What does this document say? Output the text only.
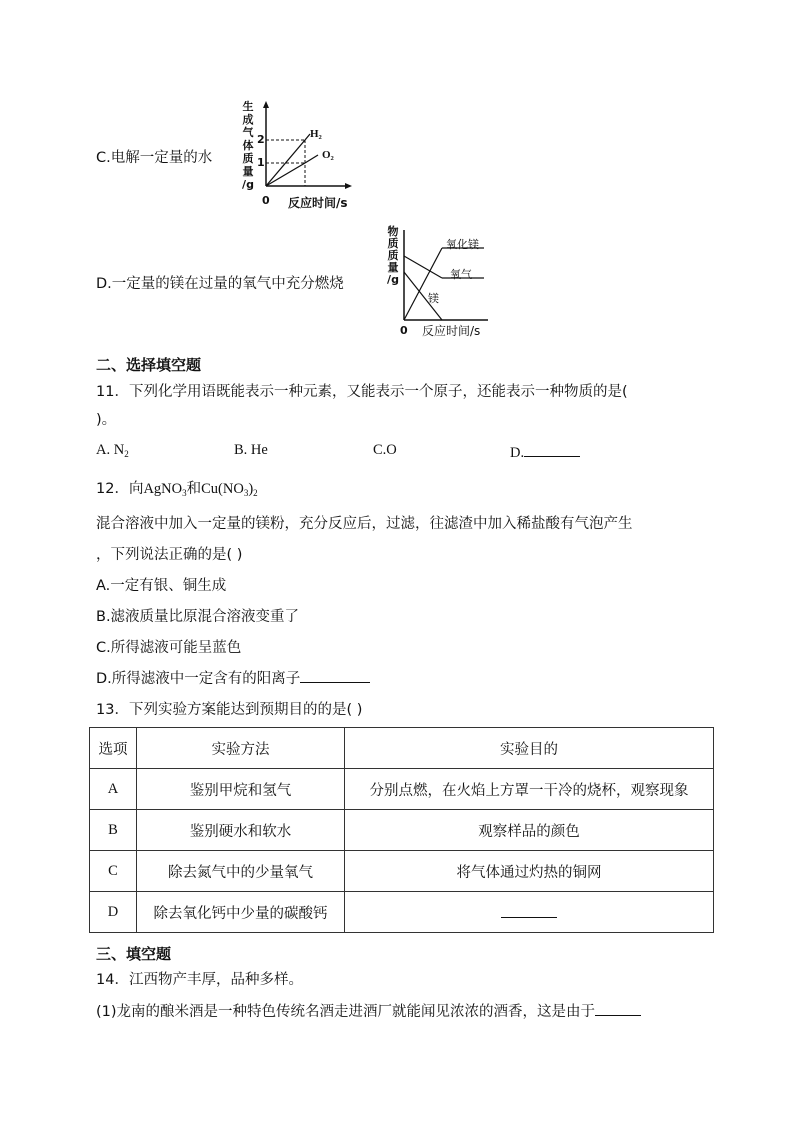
C.电解一定量的水
生
成
气
体
质
量
/g
2
1
0 反应时间/s
H₂
O₂
D.一定量的镁在过量的氧气中充分燃烧
物
质
质
量
/g
0 反应时间/s
氧化镁
氧气
镁
二、选择填空题
11．下列化学用语既能表示一种元素，又能表示一个原子，还能表示一种物质的是(
)。
A. $N_2$	B. He	C.O	D.
12．向AgNO$_3$和$Cu(NO_3)_2$
混合溶液中加入一定量的镁粉，充分反应后，过滤，往滤渣中加入稀盐酸有气泡产生
，下列说法正确的是( )
A.一定有银、铜生成
B.滤液质量比原混合溶液变重了
C.所得滤液可能呈蓝色
D.所得滤液中一定含有的阳离子
13．下列实验方案能达到预期目的的是( )
选项	实验方法	实验目的
A	鉴别甲烷和氢气	分别点燃，在火焰上方罩一干冷的烧杯，观察现象
B	鉴别硬水和软水	观察样品的颜色
C	除去氮气中的少量氧气	将气体通过灼热的铜网
D	除去氧化钙中少量的碳酸钙	
三、填空题
14．江西物产丰厚，品种多样。
(1)龙南的酿米酒是一种特色传统名酒走进酒厂就能闻见浓浓的酒香，这是由于
